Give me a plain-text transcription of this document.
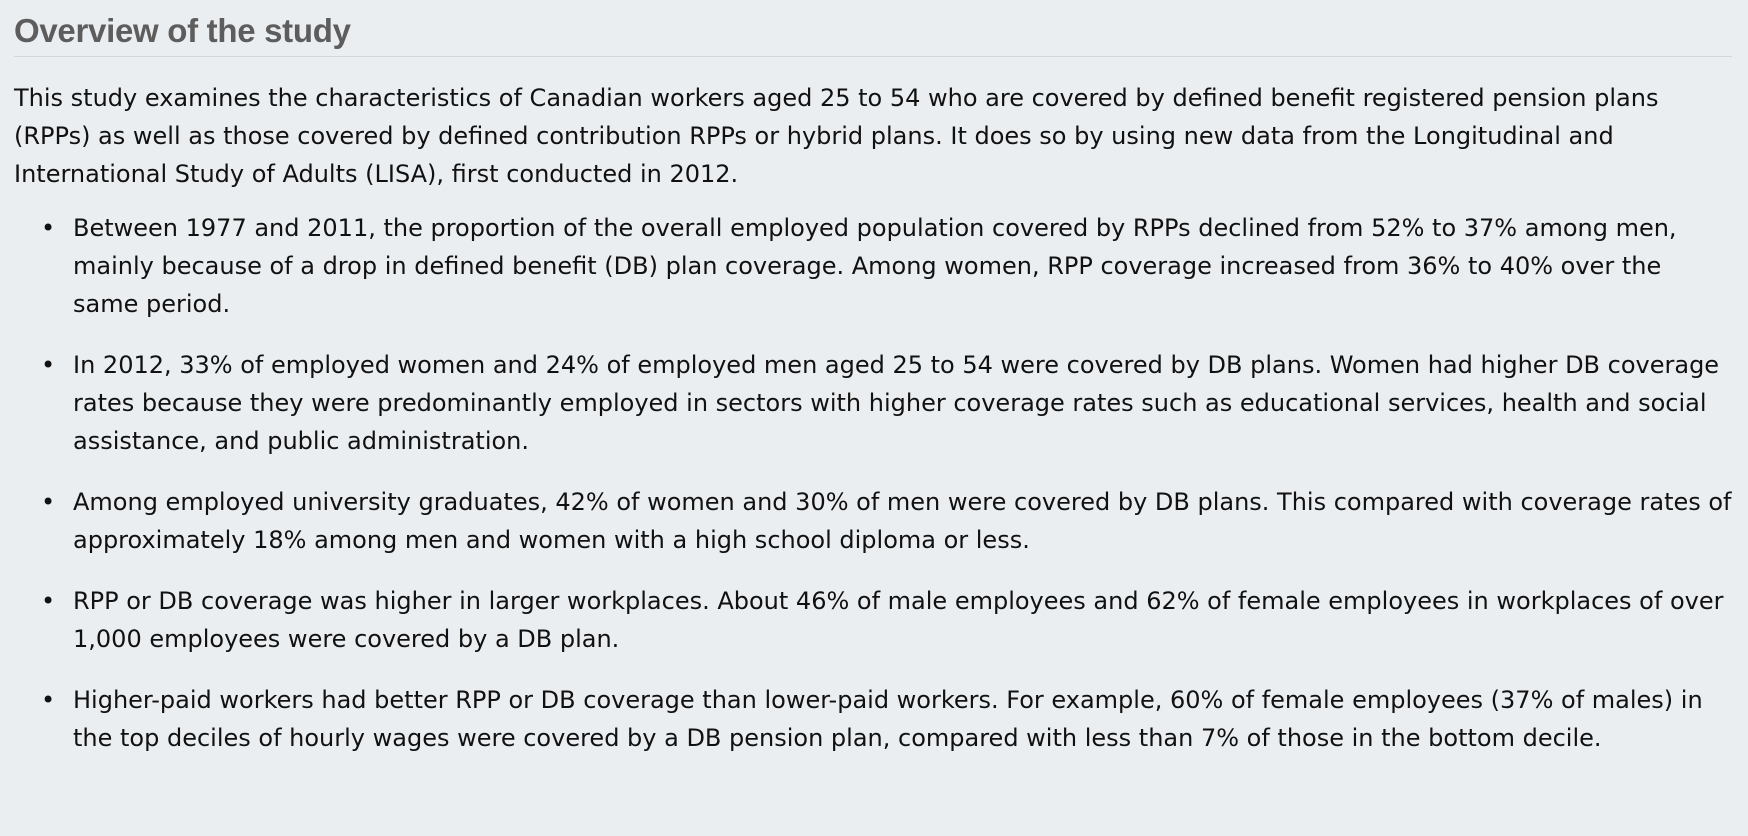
Overview of the study

This study examines the characteristics of Canadian workers aged 25 to 54 who are covered by defined benefit registered pension plans (RPPs) as well as those covered by defined contribution RPPs or hybrid plans. It does so by using new data from the Longitudinal and International Study of Adults (LISA), first conducted in 2012.

• Between 1977 and 2011, the proportion of the overall employed population covered by RPPs declined from 52% to 37% among men, mainly because of a drop in defined benefit (DB) plan coverage. Among women, RPP coverage increased from 36% to 40% over the same period.
• In 2012, 33% of employed women and 24% of employed men aged 25 to 54 were covered by DB plans. Women had higher DB coverage rates because they were predominantly employed in sectors with higher coverage rates such as educational services, health and social assistance, and public administration.
• Among employed university graduates, 42% of women and 30% of men were covered by DB plans. This compared with coverage rates of approximately 18% among men and women with a high school diploma or less.
• RPP or DB coverage was higher in larger workplaces. About 46% of male employees and 62% of female employees in workplaces of over 1,000 employees were covered by a DB plan.
• Higher-paid workers had better RPP or DB coverage than lower-paid workers. For example, 60% of female employees (37% of males) in the top deciles of hourly wages were covered by a DB pension plan, compared with less than 7% of those in the bottom decile.
